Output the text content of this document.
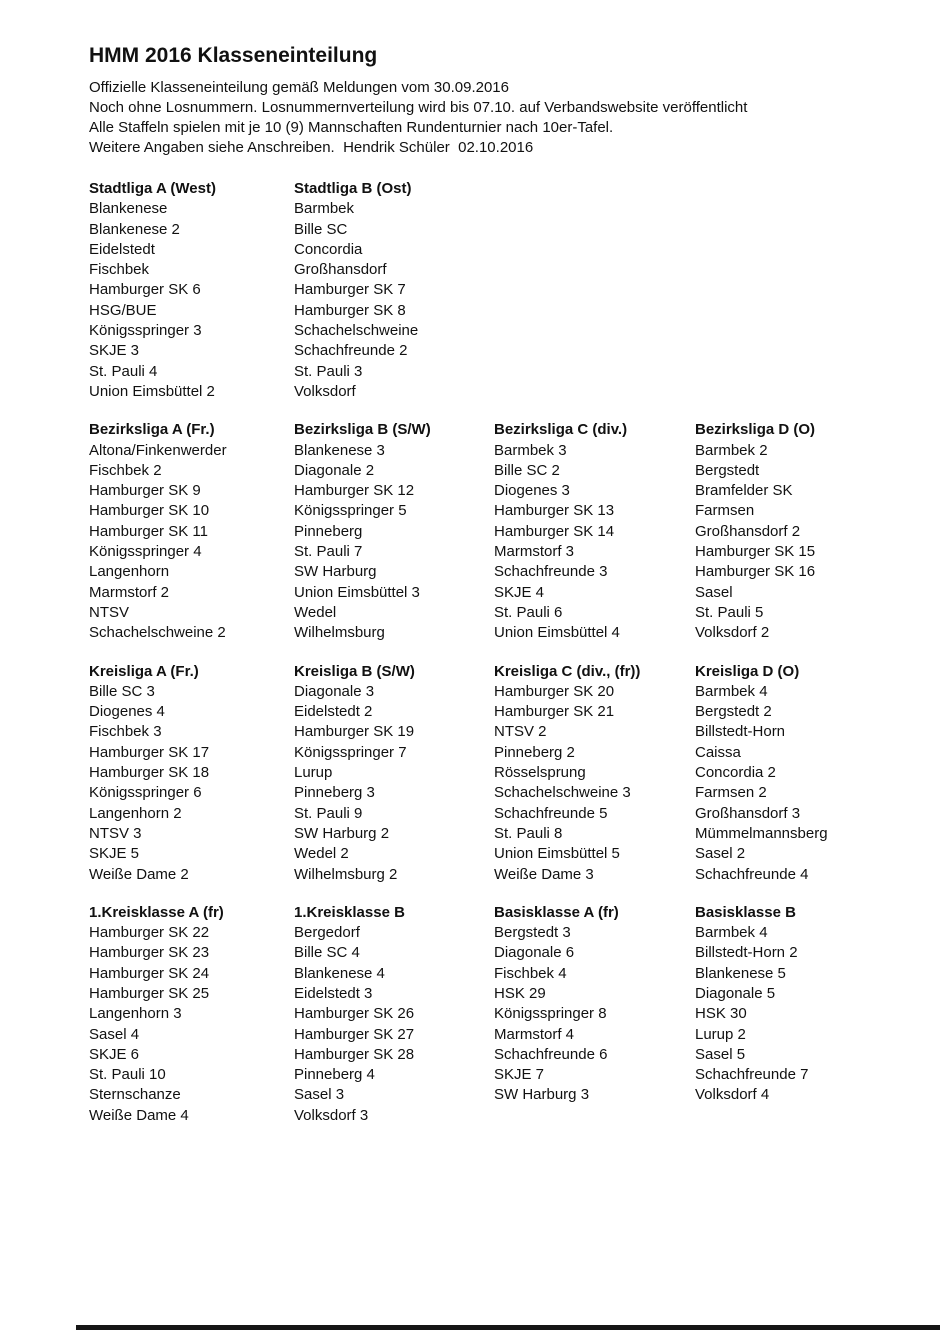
HMM 2016 Klasseneinteilung

Offizielle Klasseneinteilung gemäß Meldungen vom 30.09.2016

Noch ohne Losnummern. Losnummernverteilung wird bis 07.10. auf Verbandswebsite veröffentlicht

Alle Staffeln spielen mit je 10 (9) Mannschaften Rundenturnier nach 10er-Tafel.

Weitere Angaben siehe Anschreiben.  Hendrik Schüler  02.10.2016

Stadtliga A (West)
Blankenese
Blankenese 2
Eidelstedt
Fischbek
Hamburger SK 6
HSG/BUE
Königsspringer 3
SKJE 3
St. Pauli 4
Union Eimsbüttel 2
Stadtliga B (Ost)
Barmbek
Bille SC
Concordia
Großhansdorf
Hamburger SK 7
Hamburger SK 8
Schachelschweine
Schachfreunde 2
St. Pauli 3
Volksdorf
Bezirksliga A (Fr.)
Altona/Finkenwerder
Fischbek 2
Hamburger SK 9
Hamburger SK 10
Hamburger SK 11
Königsspringer 4
Langenhorn
Marmstorf 2
NTSV
Schachelschweine 2
Bezirksliga B (S/W)
Blankenese 3
Diagonale 2
Hamburger SK 12
Königsspringer 5
Pinneberg
St. Pauli 7
SW Harburg
Union Eimsbüttel 3
Wedel
Wilhelmsburg
Bezirksliga C (div.)
Barmbek 3
Bille SC 2
Diogenes 3
Hamburger SK 13
Hamburger SK 14
Marmstorf 3
Schachfreunde 3
SKJE 4
St. Pauli 6
Union Eimsbüttel 4
Bezirksliga D (O)
Barmbek 2
Bergstedt
Bramfelder SK
Farmsen
Großhansdorf 2
Hamburger SK 15
Hamburger SK 16
Sasel
St. Pauli 5
Volksdorf 2
Kreisliga A (Fr.)
Bille SC 3
Diogenes 4
Fischbek 3
Hamburger SK 17
Hamburger SK 18
Königsspringer 6
Langenhorn 2
NTSV 3
SKJE 5
Weiße Dame 2
Kreisliga B (S/W)
Diagonale 3
Eidelstedt 2
Hamburger SK 19
Königsspringer 7
Lurup
Pinneberg 3
St. Pauli 9
SW Harburg 2
Wedel 2
Wilhelmsburg 2
Kreisliga C (div., (fr))
Hamburger SK 20
Hamburger SK 21
NTSV 2
Pinneberg 2
Rösselsprung
Schachelschweine 3
Schachfreunde 5
St. Pauli 8
Union Eimsbüttel 5
Weiße Dame 3
Kreisliga D (O)
Barmbek 4
Bergstedt 2
Billstedt-Horn
Caissa
Concordia 2
Farmsen 2
Großhansdorf 3
Mümmelmannsberg
Sasel 2
Schachfreunde 4
1.Kreisklasse A (fr)
Hamburger SK 22
Hamburger SK 23
Hamburger SK 24
Hamburger SK 25
Langenhorn 3
Sasel 4
SKJE 6
St. Pauli 10
Sternschanze
Weiße Dame 4
1.Kreisklasse B
Bergedorf
Bille SC 4
Blankenese 4
Eidelstedt 3
Hamburger SK 26
Hamburger SK 27
Hamburger SK 28
Pinneberg 4
Sasel 3
Volksdorf 3
Basisklasse A (fr)
Bergstedt 3
Diagonale 6
Fischbek 4
HSK 29
Königsspringer 8
Marmstorf 4
Schachfreunde 6
SKJE 7
SW Harburg 3
Basisklasse B
Barmbek 4
Billstedt-Horn 2
Blankenese 5
Diagonale 5
HSK 30
Lurup 2
Sasel 5
Schachfreunde 7
Volksdorf 4
